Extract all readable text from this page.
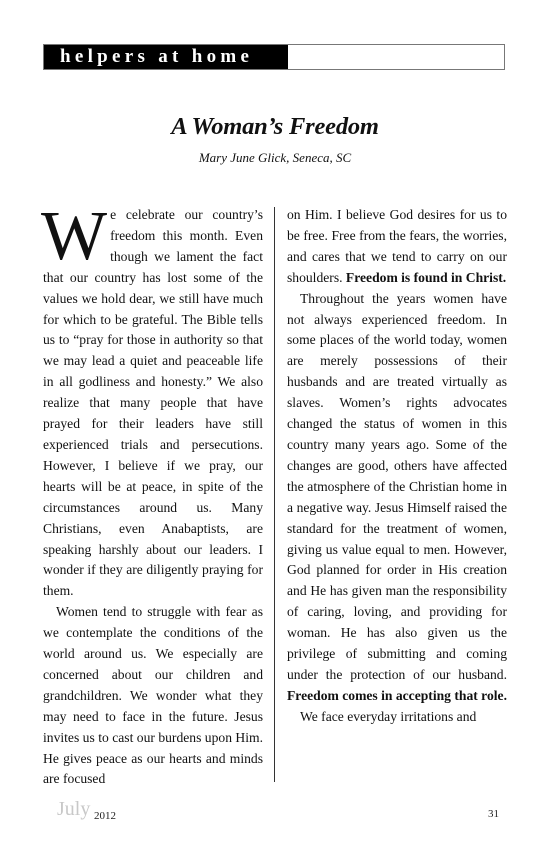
helpers at home
A Woman’s Freedom
Mary June Glick, Seneca, SC

We celebrate our country’s freedom this month. Even though we lament the fact that our country has lost some of the values we hold dear, we still have much for which to be grateful. The Bible tells us to “pray for those in authority so that we may lead a quiet and peaceable life in all godliness and honesty.” We also realize that many people that have prayed for their leaders have still experienced trials and persecutions. However, I believe if we pray, our hearts will be at peace, in spite of the circumstances around us. Many Christians, even Anabaptists, are speaking harshly about our leaders. I wonder if they are diligently praying for them.

Women tend to struggle with fear as we contemplate the conditions of the world around us. We especially are concerned about our children and grandchildren. We wonder what they may need to face in the future. Jesus invites us to cast our burdens upon Him. He gives peace as our hearts and minds are focused

on Him. I believe God desires for us to be free. Free from the fears, the worries, and cares that we tend to carry on our shoulders. Freedom is found in Christ.

Throughout the years women have not always experienced freedom. In some places of the world today, women are merely possessions of their husbands and are treated virtually as slaves. Women’s rights advocates changed the status of women in this country many years ago. Some of the changes are good, others have affected the atmosphere of the Christian home in a negative way. Jesus Himself raised the standard for the treatment of women, giving us value equal to men. However, God planned for order in His creation and He has given man the responsibility of caring, loving, and providing for woman. He has also given us the privilege of submitting and coming under the protection of our husband. Freedom comes in accepting that role.

We face everyday irritations and

July 2012	31
